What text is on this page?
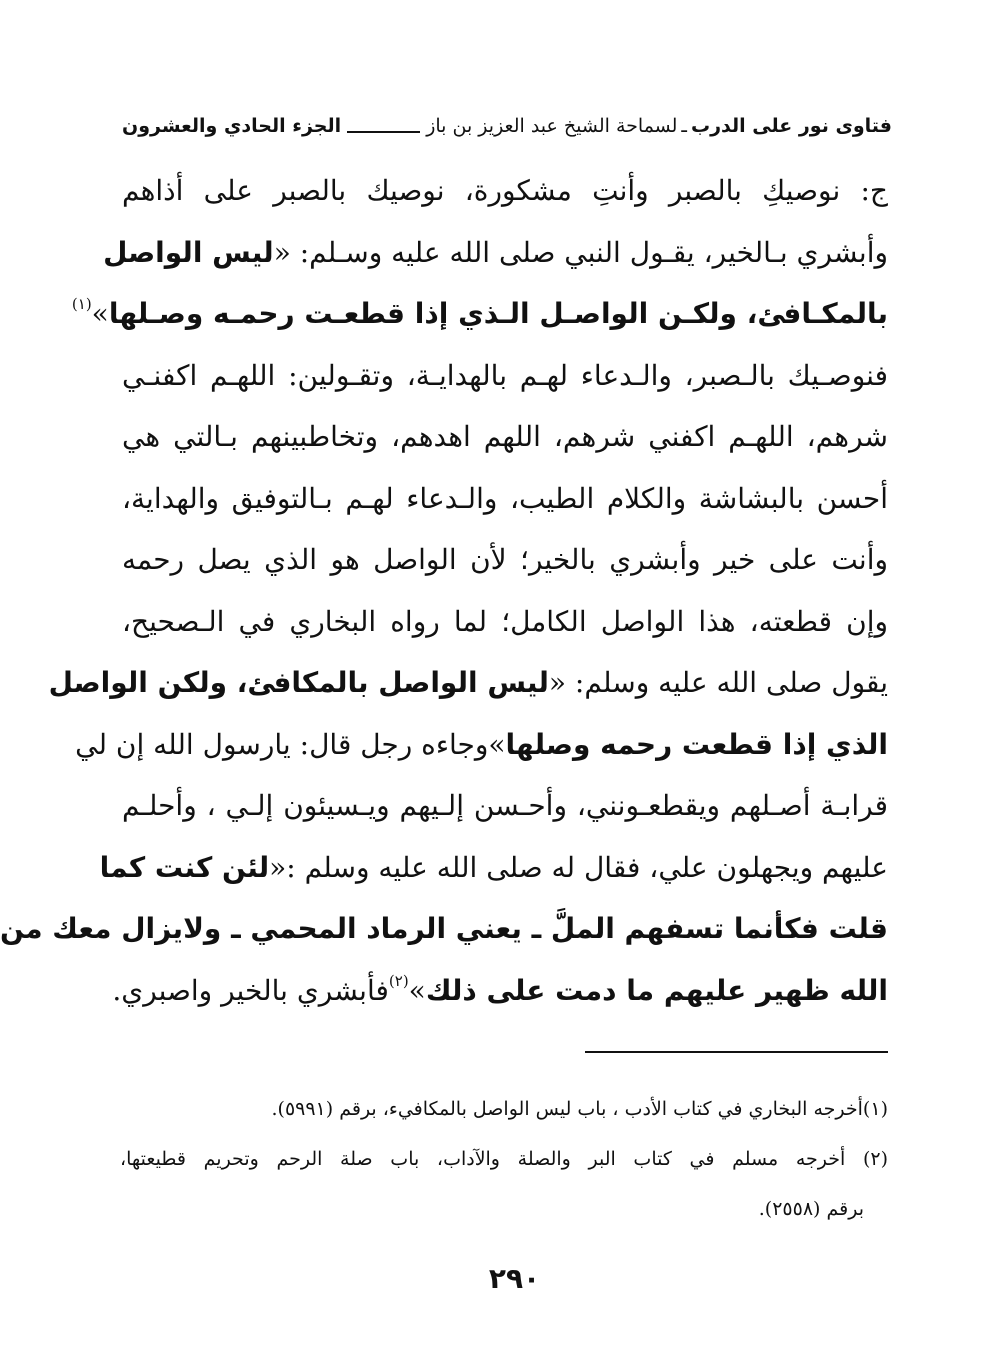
فتاوى نور على الدرب
ـ
لسماحة الشيخ عبد العزيز بن باز
الجزء الحادي والعشرون
ج: نوصيكِ بالصبر وأنتِ مشكورة، نوصيك بالصبر على أذاهم
وأبشري بـالخير، يقـول النبي صلى الله عليه وسـلم: «ليس الواصل
بالمكـافئ، ولكـن الواصـل الـذي إذا قطعـت رحمـه وصـلها»$^{(١)}$
فنوصـيك بالـصبر، والـدعاء لهـم بالهدايـة، وتقـولين: اللهـم اكفنـي
شرهم، اللهـم اكفني شرهم، اللهم اهدهم، وتخاطبينهم بـالتي هي
أحسن بالبشاشة والكلام الطيب، والـدعاء لهـم بـالتوفيق والهداية،
وأنت على خير وأبشري بالخير؛ لأن الواصل هو الذي يصل رحمه
وإن قطعته، هذا الواصل الكامل؛ لما رواه البخاري في الـصحيح،
يقول صلى الله عليه وسلم: «ليس الواصل بالمكافئ، ولكن الواصل
الذي إذا قطعت رحمه وصلها»وجاءه رجل قال: يارسول الله إن لي
قرابـة أصـلهم ويقطعـونني، وأحـسن إلـيهم ويـسيئون إلـي ، وأحلـم
عليهم ويجهلون علي، فقال له صلى الله عليه وسلم :«لئن كنت كما
قلت فكأنما تسفهم الملَّ ـ يعني الرماد المحمي ـ ولايزال معك من
الله ظهير عليهم ما دمت على ذلك»$^{(٢)}$فأبشري بالخير واصبري.
(١)أخرجه البخاري في كتاب الأدب ، باب ليس الواصل بالمكافيء، برقم (٥٩٩١).
(٢) أخرجه مسلم في كتاب البر والصلة والآداب، باب صلة الرحم وتحريم قطيعتها،
برقم (٢٥٥٨).
٢٩٠
